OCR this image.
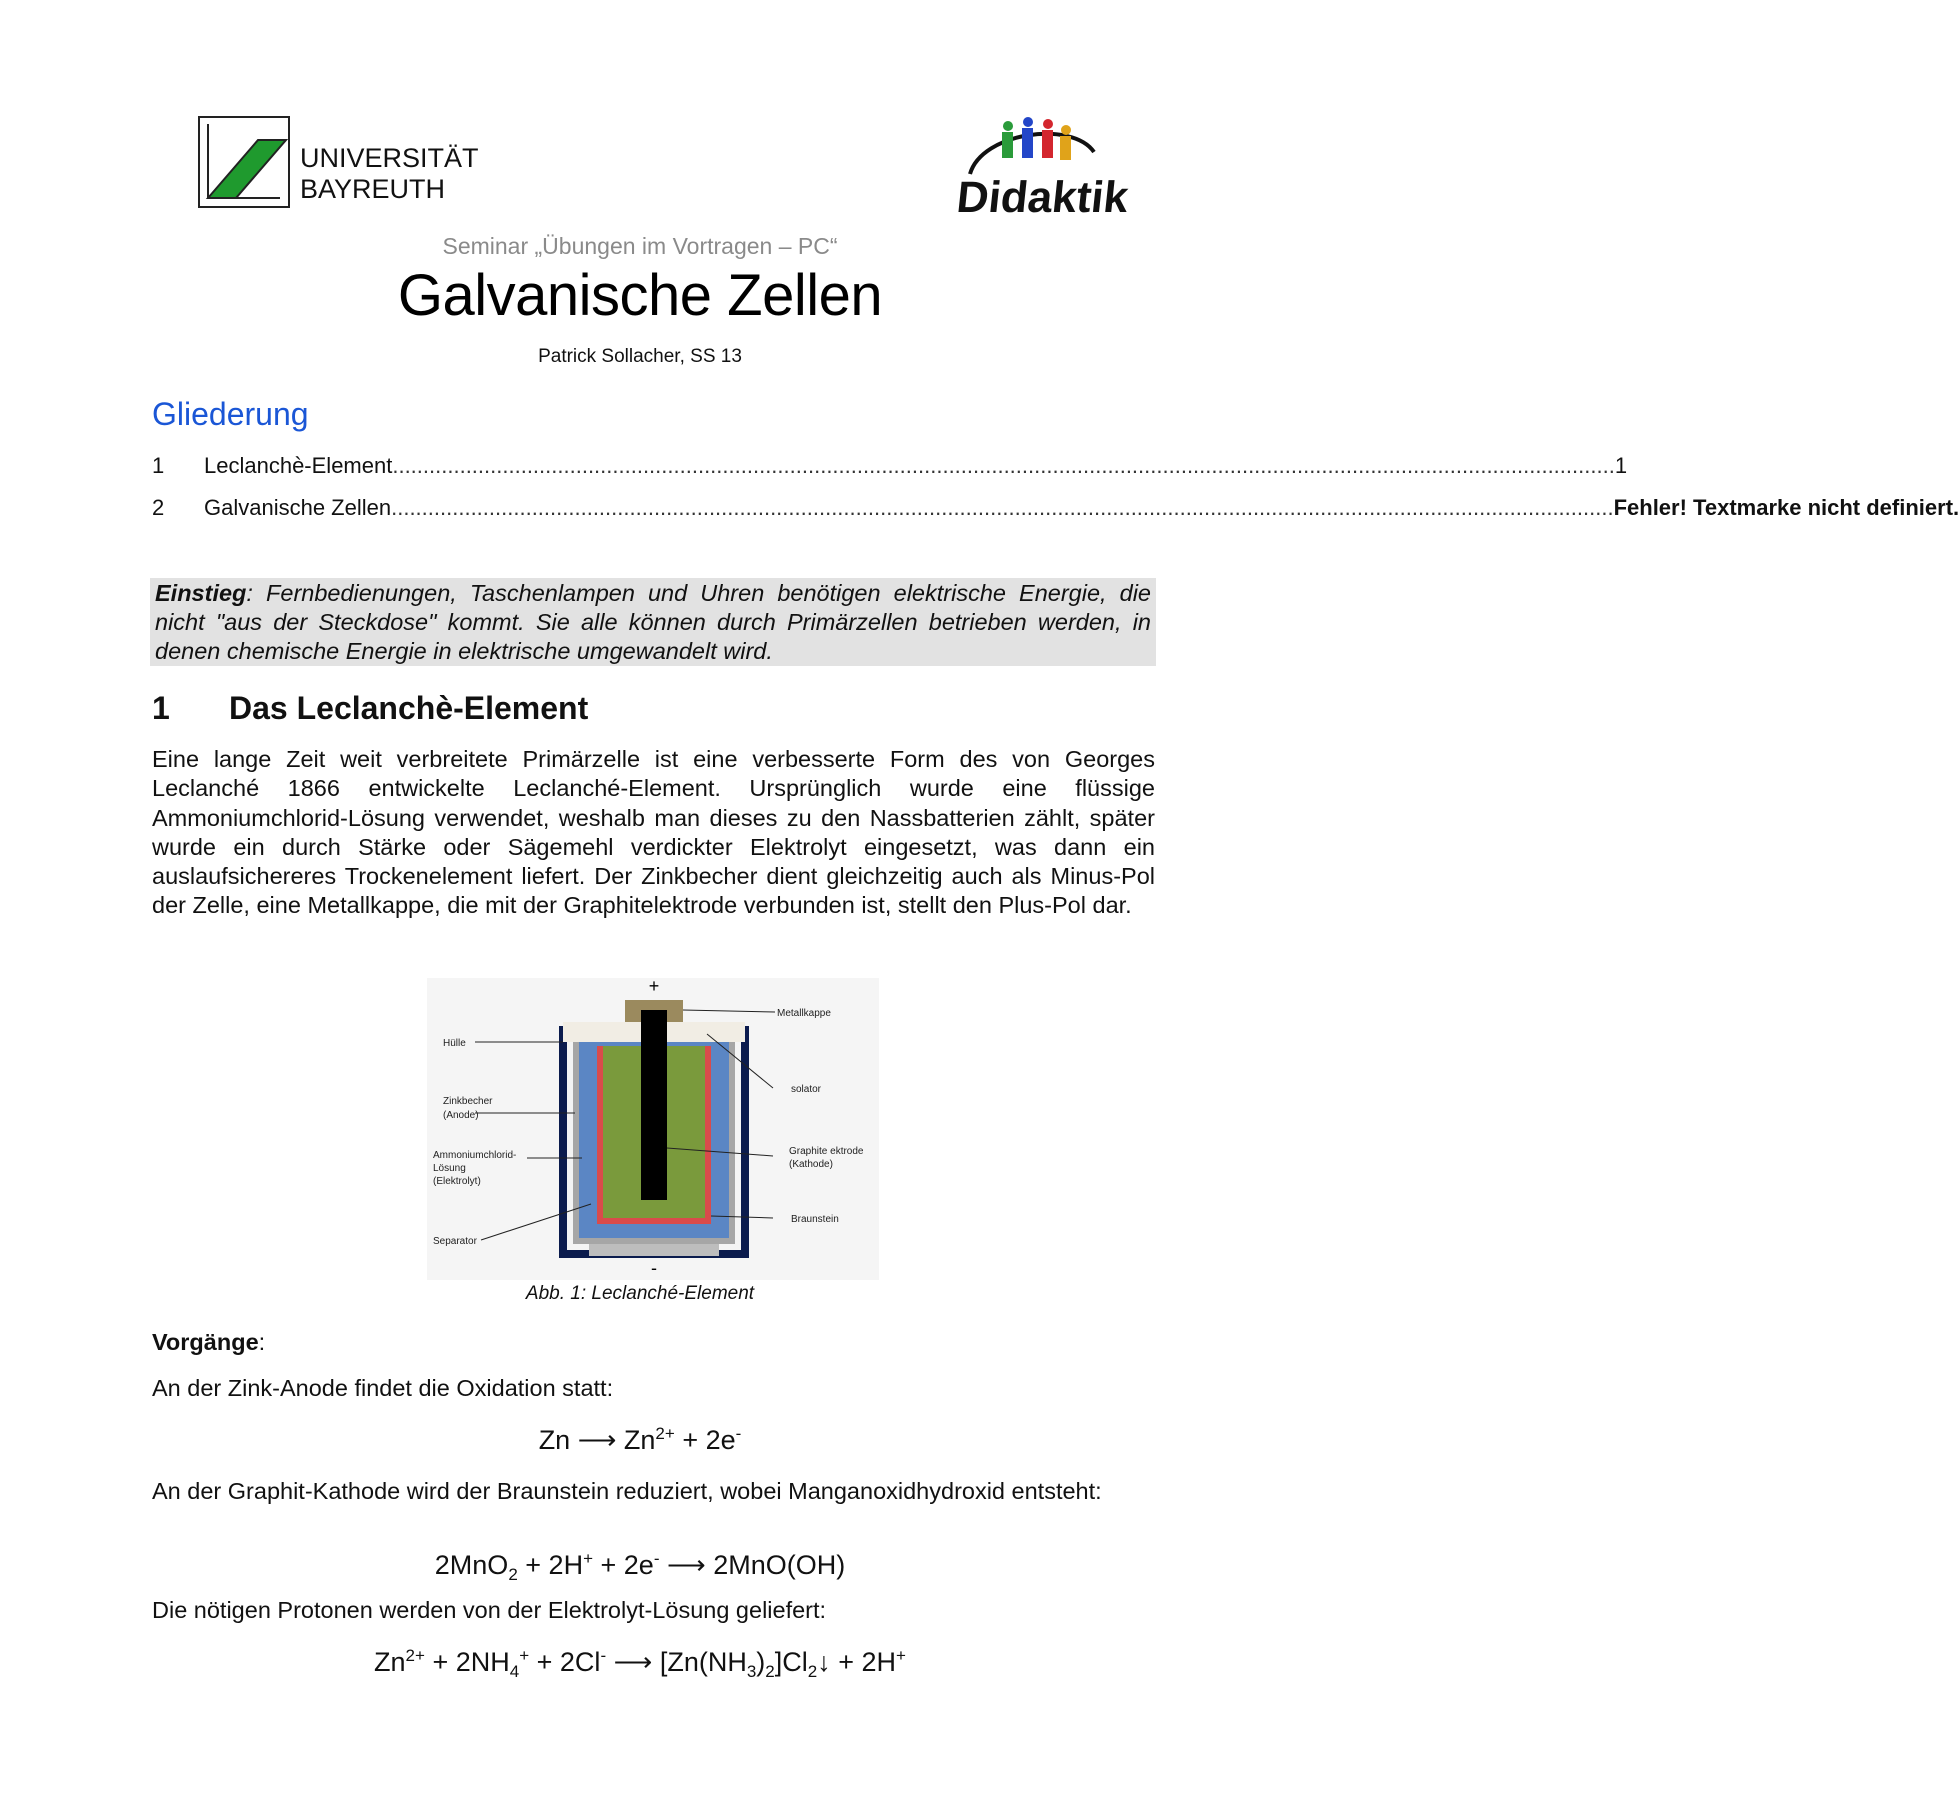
UNIVERSITÄT
BAYREUTH	Didaktik
Seminar „Übungen im Vortragen – PC“
Galvanische Zellen
Patrick Sollacher, SS 13
Gliederung
1	Leclanchè-Element ........................................................................................................................................................................................................ 1
2	Galvanische Zellen ........................................................................................................................................................................................................ Fehler! Textmarke nicht definiert.
Einstieg: Fernbedienungen, Taschenlampen und Uhren benötigen elektrische Energie, die nicht "aus der Steckdose" kommt. Sie alle können durch Primärzellen betrieben werden, in denen chemische Energie in elektrische umgewandelt wird.
1 Das Leclanchè-Element
Eine lange Zeit weit verbreitete Primärzelle ist eine verbesserte Form des von Georges Leclanché 1866 entwickelte Leclanché-Element. Ursprünglich wurde eine flüssige Ammoniumchlorid-Lösung verwendet, weshalb man dieses zu den Nassbatterien zählt, später wurde ein durch Stärke oder Sägemehl verdickter Elektrolyt eingesetzt, was dann ein auslaufsichereres Trockenelement liefert. Der Zinkbecher dient gleichzeitig auch als Minus-Pol der Zelle, eine Metallkappe, die mit der Graphitelektrode verbunden ist, stellt den Plus-Pol dar.
+
-
Metallkappe
Hülle
solator
Zinkbecher
(Anode)
Ammoniumchlorid-
Lösung
(Elektrolyt)
Graphite ektrode
(Kathode)
Braunstein
Separator
Abb. 1: Leclanché-Element
Vorgänge:
An der Zink-Anode findet die Oxidation statt:
Zn ⟶ $Zn^{2+} + 2e^-$
An der Graphit-Kathode wird der Braunstein reduziert, wobei Manganoxidhydroxid entsteht:
2MnO$_2$ + 2H+ + 2e- ⟶ 2MnO(OH)
Die nötigen Protonen werden von der Elektrolyt-Lösung geliefert:
$Zn^{2+} + 2NH_4^+ + 2Cl^-$ ⟶ $[Zn(NH_3)_2]Cl_2↓ + 2H^+$
